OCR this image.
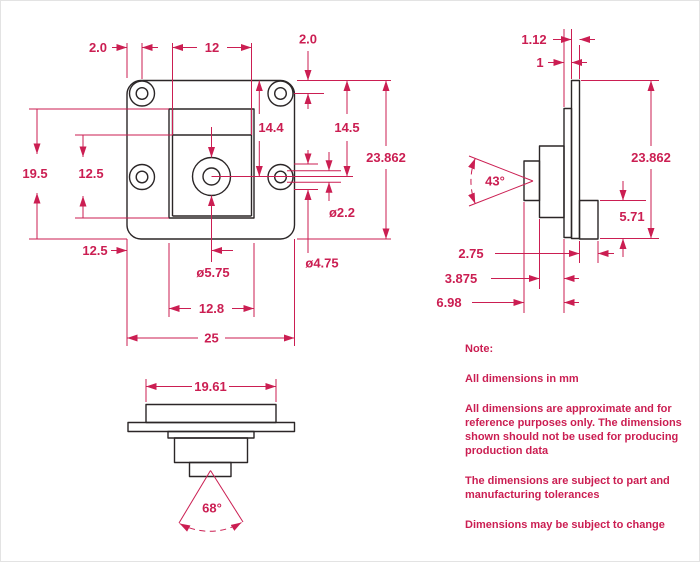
2.0	12
2.0
14.4	14.5
23.862
19.5 12.5
ø2.2
ø4.75
12.5
ø5.75
12.8
25
1.12
1
43°
23.862
5.71
2.75
3.875
6.98
19.61
68°

Note:

All dimensions in mm

All dimensions are approximate and for reference purposes only. The dimensions shown should not be used for producing production data

The dimensions are subject to part and manufacturing tolerances

Dimensions may be subject to change
